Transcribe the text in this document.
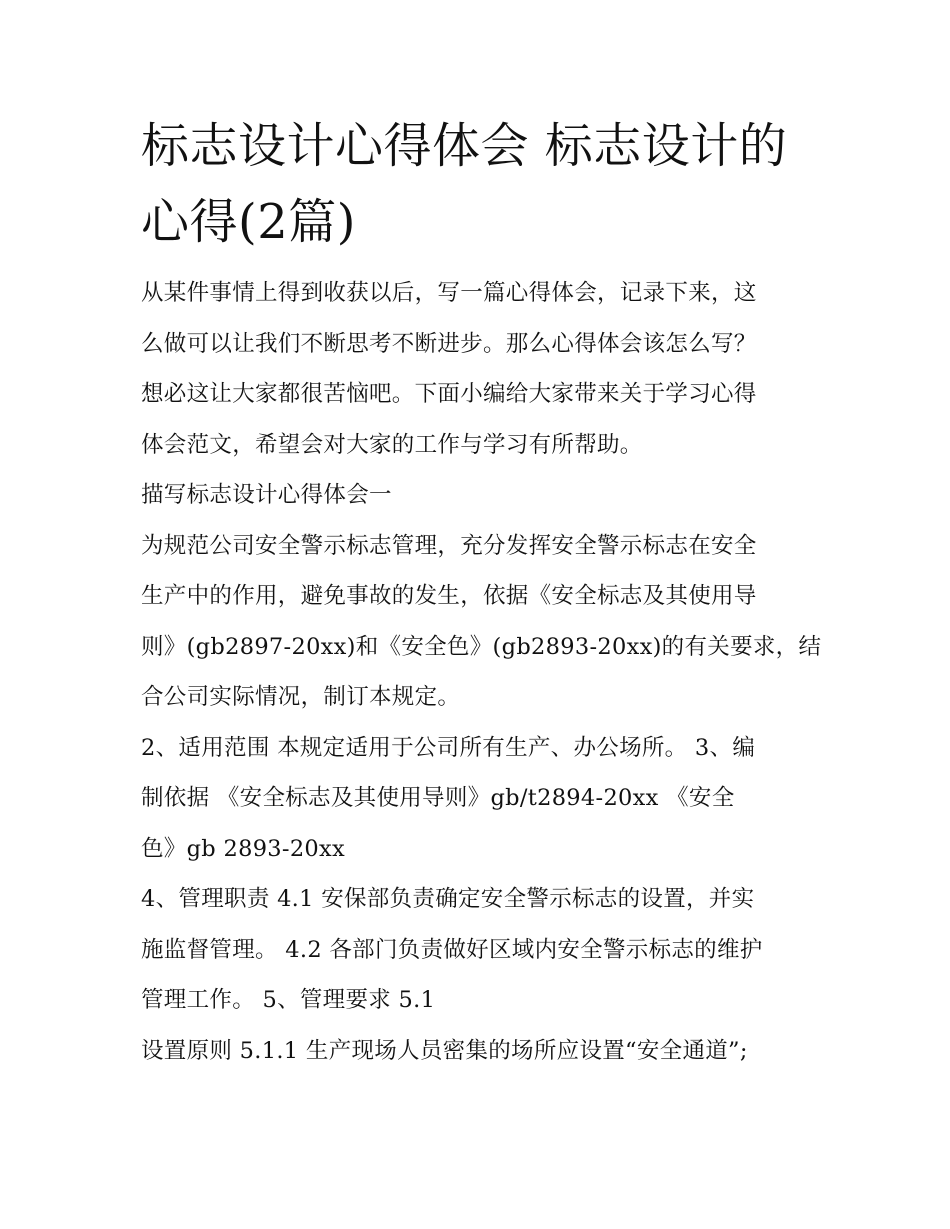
标志设计心得体会 标志设计的
心得(2篇)

从某件事情上得到收获以后，写一篇心得体会，记录下来，这
么做可以让我们不断思考不断进步。那么心得体会该怎么写？
想必这让大家都很苦恼吧。下面小编给大家带来关于学习心得
体会范文，希望会对大家的工作与学习有所帮助。

描写标志设计心得体会一

为规范公司安全警示标志管理，充分发挥安全警示标志在安全
生产中的作用，避免事故的发生，依据《安全标志及其使用导
则》(gb2897-20xx)和《安全色》(gb2893-20xx)的有关要求，结
合公司实际情况，制订本规定。

2、适用范围 本规定适用于公司所有生产、办公场所。 3、编
制依据 《安全标志及其使用导则》gb/t2894-20xx 《安全
色》gb 2893-20xx

4、管理职责 4.1 安保部负责确定安全警示标志的设置，并实
施监督管理。 4.2 各部门负责做好区域内安全警示标志的维护
管理工作。 5、管理要求 5.1

设置原则 5.1.1 生产现场人员密集的场所应设置“安全通道”;
